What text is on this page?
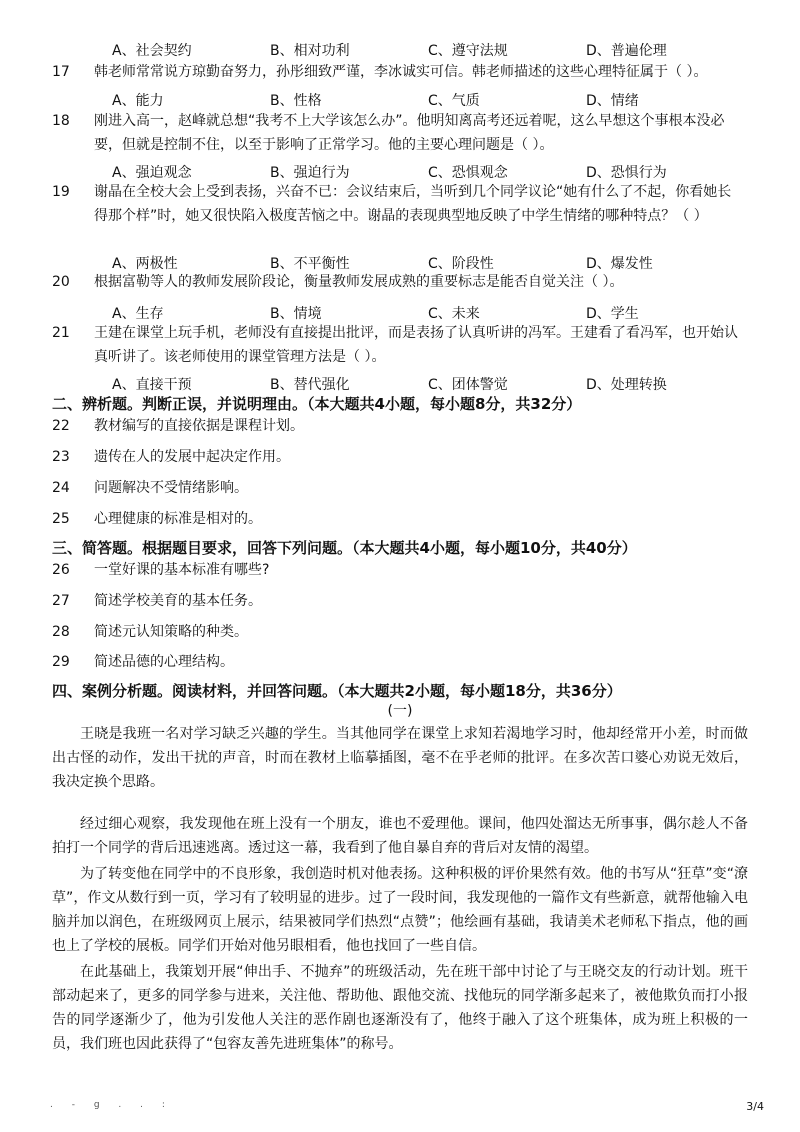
A、社会契约	B、相对功利	C、遵守法规	D、普遍伦理
17	韩老师常常说方琼勤奋努力，孙彤细致严谨，李冰诚实可信。韩老师描述的这些心理特征属于（ ）。
A、能力	B、性格	C、气质	D、情绪
18	刚进入高一，赵峰就总想“我考不上大学该怎么办”。他明知离高考还远着呢，这么早想这个事根本没必要，但就是控制不住，以至于影响了正常学习。他的主要心理问题是（ ）。
A、强迫观念	B、强迫行为	C、恐惧观念	D、恐惧行为
19	谢晶在全校大会上受到表扬，兴奋不已：会议结束后，当听到几个同学议论“她有什么了不起，你看她长得那个样”时，她又很快陷入极度苦恼之中。谢晶的表现典型地反映了中学生情绪的哪种特点？（ ）
A、两极性	B、不平衡性	C、阶段性	D、爆发性
20	根据富勒等人的教师发展阶段论，衡量教师发展成熟的重要标志是能否自觉关注（ ）。
A、生存	B、情境	C、未来	D、学生
21	王建在课堂上玩手机，老师没有直接提出批评，而是表扬了认真听讲的冯军。王建看了看冯军，也开始认真听讲了。该老师使用的课堂管理方法是（ ）。
A、直接干预	B、替代强化	C、团体警觉	D、处理转换
二、辨析题。判断正误，并说明理由。（本大题共4小题，每小题8分，共32分）
22	教材编写的直接依据是课程计划。
23	遗传在人的发展中起决定作用。
24	问题解决不受情绪影响。
25	心理健康的标准是相对的。
三、简答题。根据题目要求，回答下列问题。（本大题共4小题，每小题10分，共40分）
26	一堂好课的基本标准有哪些?
27	简述学校美育的基本任务。
28	简述元认知策略的种类。
29	简述品德的心理结构。
四、案例分析题。阅读材料，并回答问题。（本大题共2小题，每小题18分，共36分）
(一)
王晓是我班一名对学习缺乏兴趣的学生。当其他同学在课堂上求知若渴地学习时，他却经常开小差，时而做出古怪的动作，发出干扰的声音，时而在教材上临摹插图，毫不在乎老师的批评。在多次苦口婆心劝说无效后，我决定换个思路。
经过细心观察，我发现他在班上没有一个朋友，谁也不爱理他。课间，他四处溜达无所事事，偶尔趁人不备拍打一个同学的背后迅速逃离。透过这一幕，我看到了他自暴自弃的背后对友情的渴望。
为了转变他在同学中的不良形象，我创造时机对他表扬。这种积极的评价果然有效。他的书写从“狂草”变“潦草”，作文从数行到一页，学习有了较明显的进步。过了一段时间，我发现他的一篇作文有些新意，就帮他输入电脑并加以润色，在班级网页上展示，结果被同学们热烈“点赞”；他绘画有基础，我请美术老师私下指点，他的画也上了学校的展板。同学们开始对他另眼相看，他也找回了一些自信。
在此基础上，我策划开展“伸出手、不抛弃”的班级活动，先在班干部中讨论了与王晓交友的行动计划。班干部动起来了，更多的同学参与进来，关注他、帮助他、跟他交流、找他玩的同学渐多起来了，被他欺负而打小报告的同学逐渐少了，他为引发他人关注的恶作剧也逐渐没有了，他终于融入了这个班集体，成为班上积极的一员，我们班也因此获得了“包容友善先进班集体”的称号。
. - g . . :	3/4
